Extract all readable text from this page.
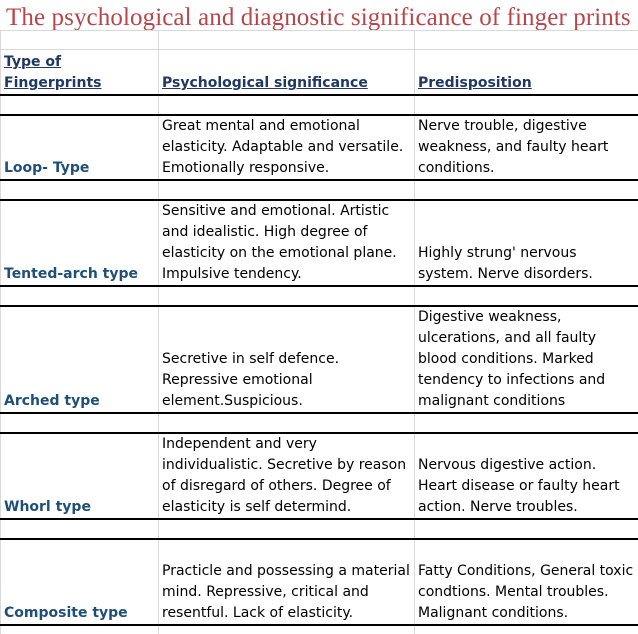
The psychological and diagnostic significance of finger prints

Type of Fingerprints	Psychological significance	Predisposition

Loop- Type	Great mental and emotional elasticity. Adaptable and versatile. Emotionally responsive.	Nerve trouble, digestive weakness, and faulty heart conditions.

Tented-arch type	Sensitive and emotional. Artistic and idealistic. High degree of elasticity on the emotional plane. Impulsive tendency.	Highly strung' nervous system. Nerve disorders.

Arched type	Secretive in self defence. Repressive emotional element.Suspicious.	Digestive weakness, ulcerations, and all faulty blood conditions. Marked tendency to infections and malignant conditions

Whorl type	Independent and very individualistic. Secretive by reason of disregard of others. Degree of elasticity is self determind.	Nervous digestive action. Heart disease or faulty heart action. Nerve troubles.

Composite type	Practicle and possessing a material mind. Repressive, critical and resentful. Lack of elasticity.	Fatty Conditions, General toxic condtions. Mental troubles. Malignant conditions.
